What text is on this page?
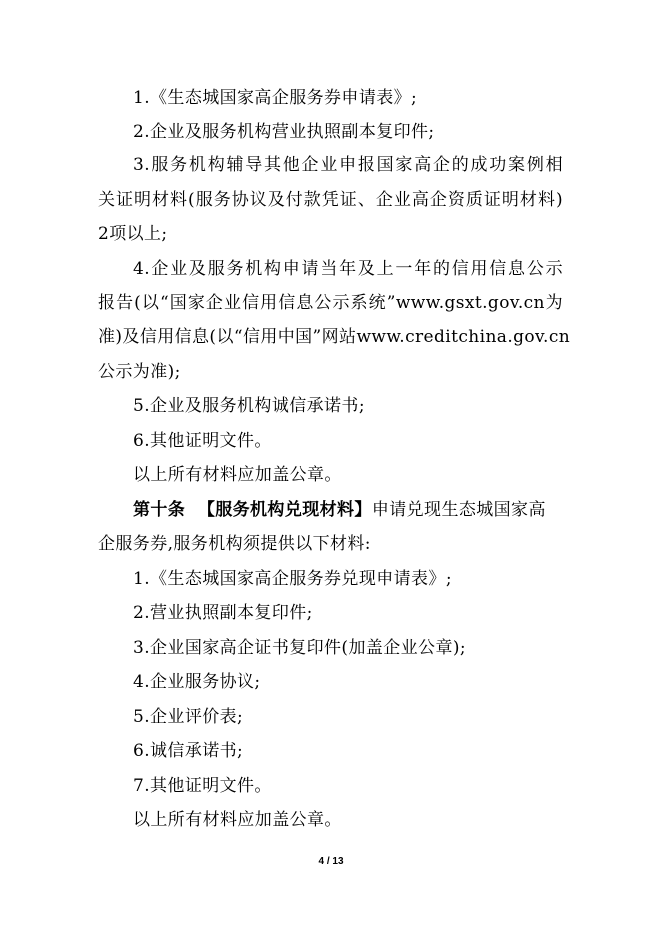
1.《生态城国家高企服务券申请表》;
2.企业及服务机构营业执照副本复印件;
3.服务机构辅导其他企业申报国家高企的成功案例相
关证明材料(服务协议及付款凭证、企业高企资质证明材料)
2项以上;
4.企业及服务机构申请当年及上一年的信用信息公示
报告(以“国家企业信用信息公示系统”www.gsxt.gov.cn为
准)及信用信息(以“信用中国”网站www.creditchina.gov.cn
公示为准);
5.企业及服务机构诚信承诺书;
6.其他证明文件。
以上所有材料应加盖公章。
第十条  【服务机构兑现材料】申请兑现生态城国家高
企服务券,服务机构须提供以下材料:
1.《生态城国家高企服务券兑现申请表》;
2.营业执照副本复印件;
3.企业国家高企证书复印件(加盖企业公章);
4.企业服务协议;
5.企业评价表;
6.诚信承诺书;
7.其他证明文件。
以上所有材料应加盖公章。
4 / 13
